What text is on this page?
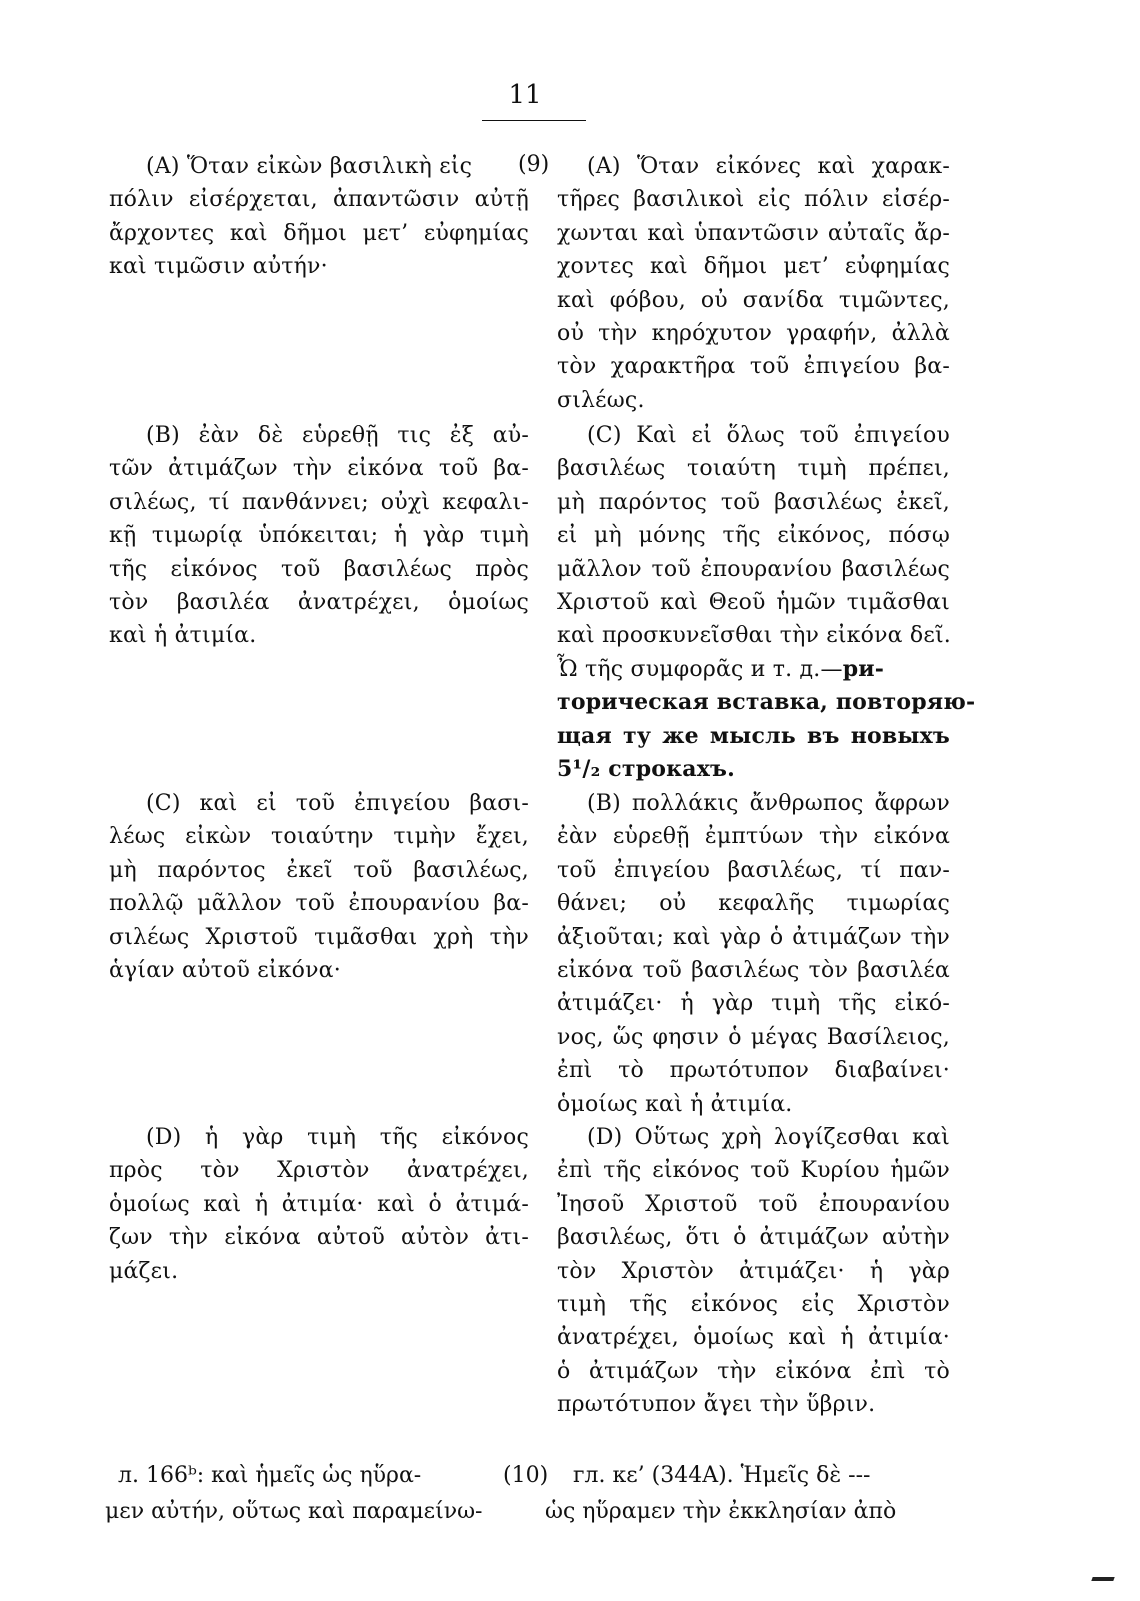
11
(9)
(A) Ὅταν εἰκὼν βασιλικὴ εἰς
πόλιν εἰσέρχεται, ἀπαντῶσιν αὐτῇ
ἄρχοντες καὶ δῆμοι μετ’ εὐφημίας
καὶ τιμῶσιν αὐτήν·
(B) ἐὰν δὲ εὑρεθῇ τις ἐξ αὐ-
τῶν ἀτιμάζων τὴν εἰκόνα τοῦ βα-
σιλέως, τί πανθάννει; οὐχὶ κεφαλι-
κῇ τιμωρίᾳ ὑπόκειται; ἡ γὰρ τιμὴ
τῆς εἰκόνος τοῦ βασιλέως πρὸς
τὸν βασιλέα ἀνατρέχει, ὁμοίως
καὶ ἡ ἀτιμία.
(C) καὶ εἰ τοῦ ἐπιγείου βασι-
λέως εἰκὼν τοιαύτην τιμὴν ἔχει,
μὴ παρόντος ἐκεῖ τοῦ βασιλέως,
πολλῷ μᾶλλον τοῦ ἐπουρανίου βα-
σιλέως Χριστοῦ τιμᾶσθαι χρὴ τὴν
ἁγίαν αὐτοῦ εἰκόνα·
(D) ἡ γὰρ τιμὴ τῆς εἰκόνος
πρὸς τὸν Χριστὸν ἀνατρέχει,
ὁμοίως καὶ ἡ ἀτιμία· καὶ ὁ ἀτιμά-
ζων τὴν εἰκόνα αὐτοῦ αὐτὸν ἀτι-
μάζει.
(A) Ὅταν εἰκόνες καὶ χαρακ-
τῆρες βασιλικοὶ εἰς πόλιν εἰσέρ-
χωνται καὶ ὑπαντῶσιν αὐταῖς ἄρ-
χοντες καὶ δῆμοι μετ’ εὐφημίας
καὶ φόβου, οὐ σανίδα τιμῶντες,
οὐ τὴν κηρόχυτον γραφήν, ἀλλὰ
τὸν χαρακτῆρα τοῦ ἐπιγείου βα-
σιλέως.
(C) Καὶ εἰ ὅλως τοῦ ἐπιγείου
βασιλέως τοιαύτη τιμὴ πρέπει,
μὴ παρόντος τοῦ βασιλέως ἐκεῖ,
εἰ μὴ μόνης τῆς εἰκόνος, πόσῳ
μᾶλλον τοῦ ἐπουρανίου βασιλέως
Χριστοῦ καὶ Θεοῦ ἡμῶν τιμᾶσθαι
καὶ προσκυνεῖσθαι τὴν εἰκόνα δεῖ.
Ὦ τῆς συμφορᾶς и т. д.—ри-
торическая вставка, повторяю-
щая ту же мысль въ новыхъ
5¹/₂ строкахъ.
(B) πολλάκις ἄνθρωπος ἄφρων
ἐὰν εὑρεθῇ ἐμπτύων τὴν εἰκόνα
τοῦ ἐπιγείου βασιλέως, τί παν-
θάνει; οὐ κεφαλῆς τιμωρίας
ἀξιοῦται; καὶ γὰρ ὁ ἀτιμάζων τὴν
εἰκόνα τοῦ βασιλέως τὸν βασιλέα
ἀτιμάζει· ἡ γὰρ τιμὴ τῆς εἰκό-
νος, ὥς φησιν ὁ μέγας Βασίλειος,
ἐπὶ τὸ πρωτότυπον διαβαίνει·
ὁμοίως καὶ ἡ ἀτιμία.
(D) Οὕτως χρὴ λογίζεσθαι καὶ
ἐπὶ τῆς εἰκόνος τοῦ Κυρίου ἡμῶν
Ἰησοῦ Χριστοῦ τοῦ ἐπουρανίου
βασιλέως, ὅτι ὁ ἀτιμάζων αὐτὴν
τὸν Χριστὸν ἀτιμάζει· ἡ γὰρ
τιμὴ τῆς εἰκόνος εἰς Χριστὸν
ἀνατρέχει, ὁμοίως καὶ ἡ ἀτιμία·
ὁ ἀτιμάζων τὴν εἰκόνα ἐπὶ τὸ
πρωτότυπον ἄγει τὴν ὕβριν.
л. 166ᵇ: καὶ ἡμεῖς ὡς ηὕρα-	(10) гл. κε’ (344A). Ἡμεῖς δὲ ---
μεν αὐτήν, οὕτως καὶ παραμείνω-	ὡς ηὕραμεν τὴν ἐκκλησίαν ἀπὸ
